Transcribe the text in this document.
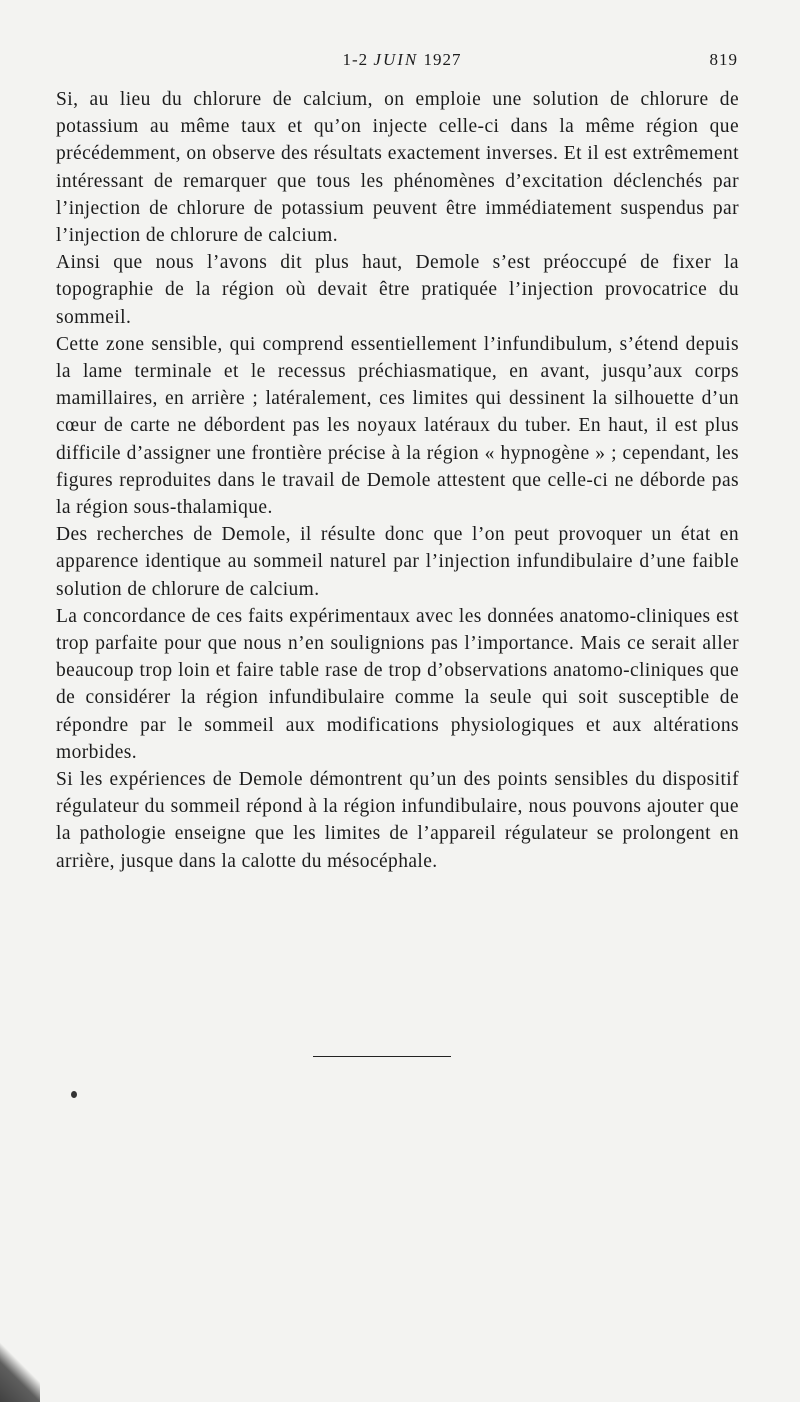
1-2 JUIN 1927	819

Si, au lieu du chlorure de calcium, on emploie une solution de chlorure de potassium au même taux et qu’on injecte celle-ci dans la même région que précédemment, on observe des résultats exactement inverses. Et il est extrêmement intéressant de remarquer que tous les phénomènes d’excitation déclenchés par l’injection de chlorure de potassium peuvent être immédiatement suspendus par l’injection de chlorure de calcium.

Ainsi que nous l’avons dit plus haut, Demole s’est préoccupé de fixer la topographie de la région où devait être pratiquée l’injection provocatrice du sommeil.

Cette zone sensible, qui comprend essentiellement l’infundibulum, s’étend depuis la lame terminale et le recessus préchiasmatique, en avant, jusqu’aux corps mamillaires, en arrière ; latéralement, ces limites qui dessinent la silhouette d’un cœur de carte ne débordent pas les noyaux latéraux du tuber. En haut, il est plus difficile d’assigner une frontière précise à la région « hypnogène » ; cependant, les figures reproduites dans le travail de Demole attestent que celle-ci ne déborde pas la région sous-thalamique.

Des recherches de Demole, il résulte donc que l’on peut provoquer un état en apparence identique au sommeil naturel par l’injection infundibulaire d’une faible solution de chlorure de calcium.

La concordance de ces faits expérimentaux avec les données anatomo-cliniques est trop parfaite pour que nous n’en soulignions pas l’importance. Mais ce serait aller beaucoup trop loin et faire table rase de trop d’observations anatomo-cliniques que de considérer la région infundibulaire comme la seule qui soit susceptible de répondre par le sommeil aux modifications physiologiques et aux altérations morbides.

Si les expériences de Demole démontrent qu’un des points sensibles du dispositif régulateur du sommeil répond à la région infundibulaire, nous pouvons ajouter que la pathologie enseigne que les limites de l’appareil régulateur se prolongent en arrière, jusque dans la calotte du mésocéphale.
